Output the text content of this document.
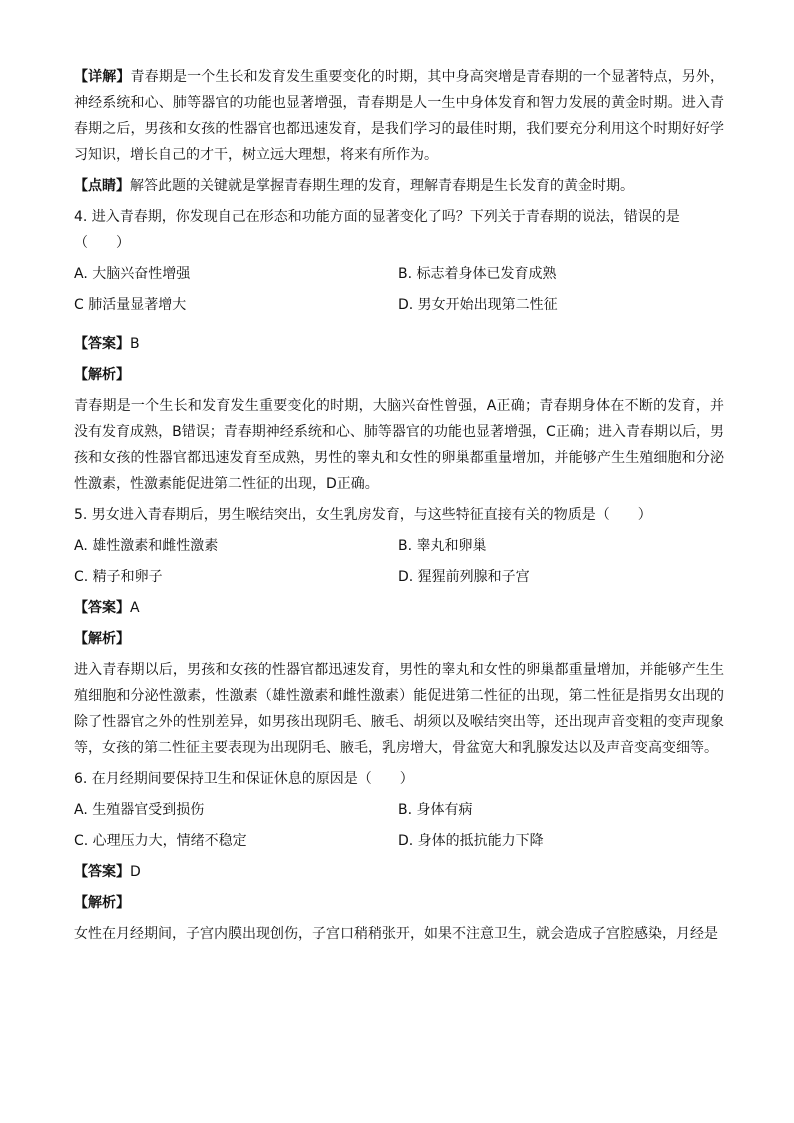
【详解】青春期是一个生长和发育发生重要变化的时期，其中身高突增是青春期的一个显著特点，另外，神经系统和心、肺等器官的功能也显著增强，青春期是人一生中身体发育和智力发展的黄金时期。进入青春期之后，男孩和女孩的性器官也都迅速发育，是我们学习的最佳时期，我们要充分利用这个时期好好学习知识，增长自己的才干，树立远大理想，将来有所作为。

【点睛】解答此题的关键就是掌握青春期生理的发育，理解青春期是生长发育的黄金时期。

4. 进入青春期，你发现自己在形态和功能方面的显著变化了吗？下列关于青春期的说法，错误的是（　　）

A. 大脑兴奋性增强	B. 标志着身体已发育成熟
C 肺活量显著增大	D. 男女开始出现第二性征

【答案】B

【解析】

青春期是一个生长和发育发生重要变化的时期，大脑兴奋性曾强，A正确；青春期身体在不断的发育，并没有发育成熟，B错误；青春期神经系统和心、肺等器官的功能也显著增强，C正确；进入青春期以后，男孩和女孩的性器官都迅速发育至成熟，男性的睾丸和女性的卵巢都重量增加，并能够产生生殖细胞和分泌性激素，性激素能促进第二性征的出现，D正确。

5. 男女进入青春期后，男生喉结突出，女生乳房发育，与这些特征直接有关的物质是（　　）

A. 雄性激素和雌性激素	B. 睾丸和卵巢
C. 精子和卵子	D. 猩猩前列腺和子宫

【答案】A

【解析】

进入青春期以后，男孩和女孩的性器官都迅速发育，男性的睾丸和女性的卵巢都重量增加，并能够产生生殖细胞和分泌性激素，性激素（雄性激素和雌性激素）能促进第二性征的出现，第二性征是指男女出现的除了性器官之外的性别差异，如男孩出现阴毛、腋毛、胡须以及喉结突出等，还出现声音变粗的变声现象等，女孩的第二性征主要表现为出现阴毛、腋毛，乳房增大，骨盆宽大和乳腺发达以及声音变高变细等。

6. 在月经期间要保持卫生和保证休息的原因是（　　）

A. 生殖器官受到损伤	B. 身体有病
C. 心理压力大，情绪不稳定	D. 身体的抵抗能力下降

【答案】D

【解析】

女性在月经期间，子宫内膜出现创伤，子宫口稍稍张开，如果不注意卫生，就会造成子宫腔感染，月经是
